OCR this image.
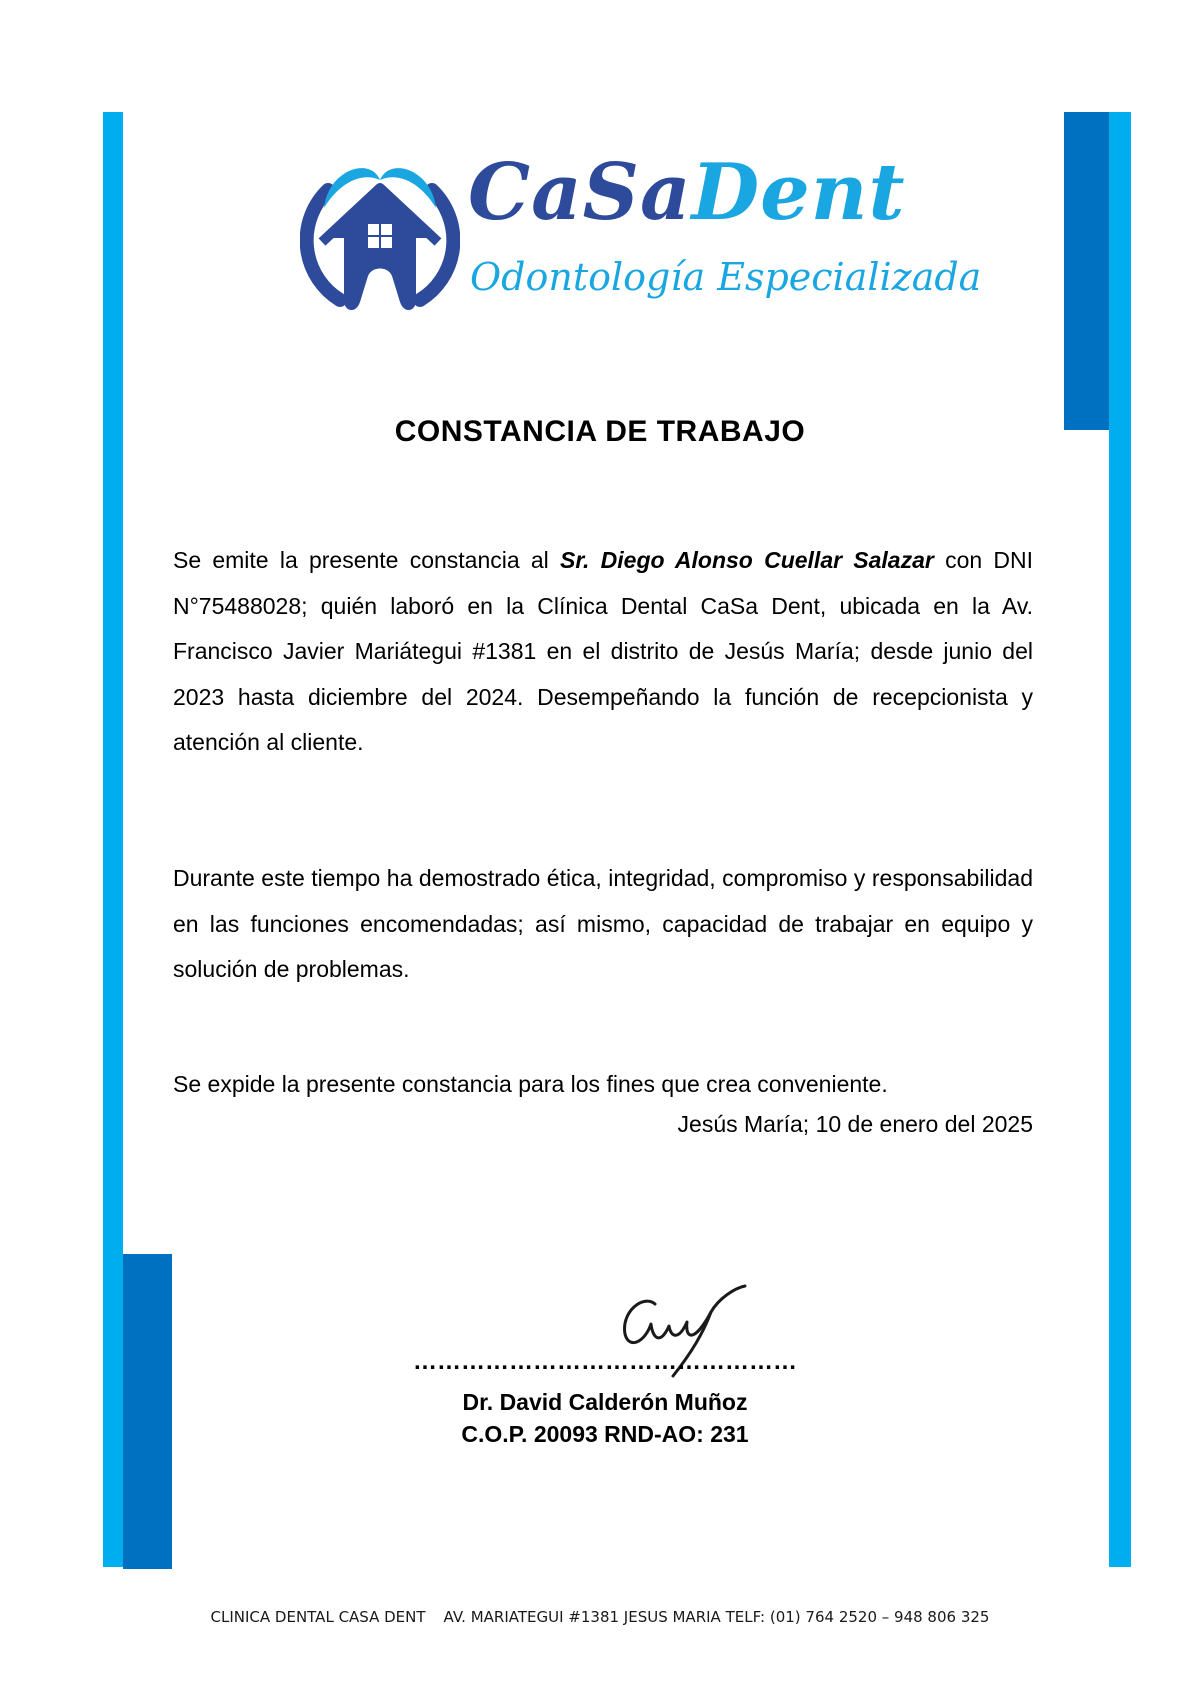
CaSaDent

Odontología Especializada

CONSTANCIA DE TRABAJO

Se emite la presente constancia al Sr. Diego Alonso Cuellar Salazar con DNI N°75488028; quién laboró en la Clínica Dental CaSa Dent, ubicada en la Av. Francisco Javier Mariátegui #1381 en el distrito de Jesús María; desde junio del 2023 hasta diciembre del 2024. Desempeñando la función de recepcionista y atención al cliente.

Durante este tiempo ha demostrado ética, integridad, compromiso y responsabilidad en las funciones encomendadas; así mismo, capacidad de trabajar en equipo y solución de problemas.

Se expide la presente constancia para los fines que crea conveniente.

Jesús María; 10 de enero del 2025

…………………………………………

Dr. David Calderón Muñoz

C.O.P. 20093 RND-AO: 231

CLINICA DENTAL CASA DENT AV. MARIATEGUI #1381 JESUS MARIA TELF: (01) 764 2520 – 948 806 325
